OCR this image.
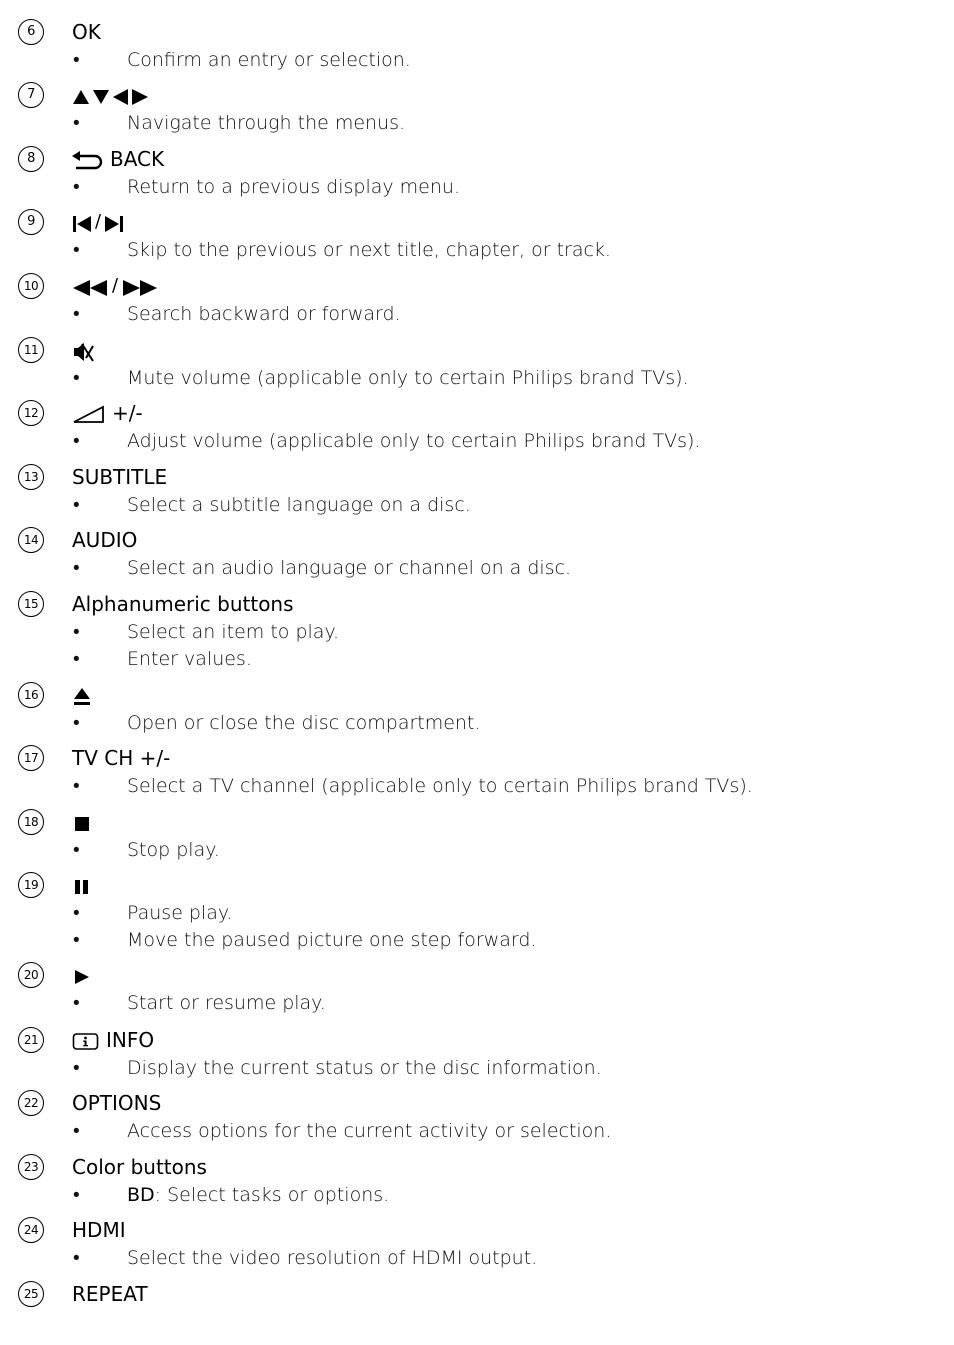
6	OK
• Confirm an entry or selection.
7
• Navigate through the menus.
8	BACK
• Return to a previous display menu.
9	/
• Skip to the previous or next title, chapter, or track.
10	/
• Search backward or forward.
11
• Mute volume (applicable only to certain Philips brand TVs).
12	+/-
• Adjust volume (applicable only to certain Philips brand TVs).
13 SUBTITLE
• Select a subtitle language on a disc.
14 AUDIO
• Select an audio language or channel on a disc.
15 Alphanumeric buttons
• Select an item to play.
• Enter values.
16
• Open or close the disc compartment.
17 TV CH +/-
• Select a TV channel (applicable only to certain Philips brand TVs).
18
• Stop play.
19
• Pause play.
• Move the paused picture one step forward.
20
• Start or resume play.
21	INFO
• Display the current status or the disc information.
22 OPTIONS
• Access options for the current activity or selection.
23 Color buttons
• BD: Select tasks or options.
24 HDMI
• Select the video resolution of HDMI output.
25 REPEAT
